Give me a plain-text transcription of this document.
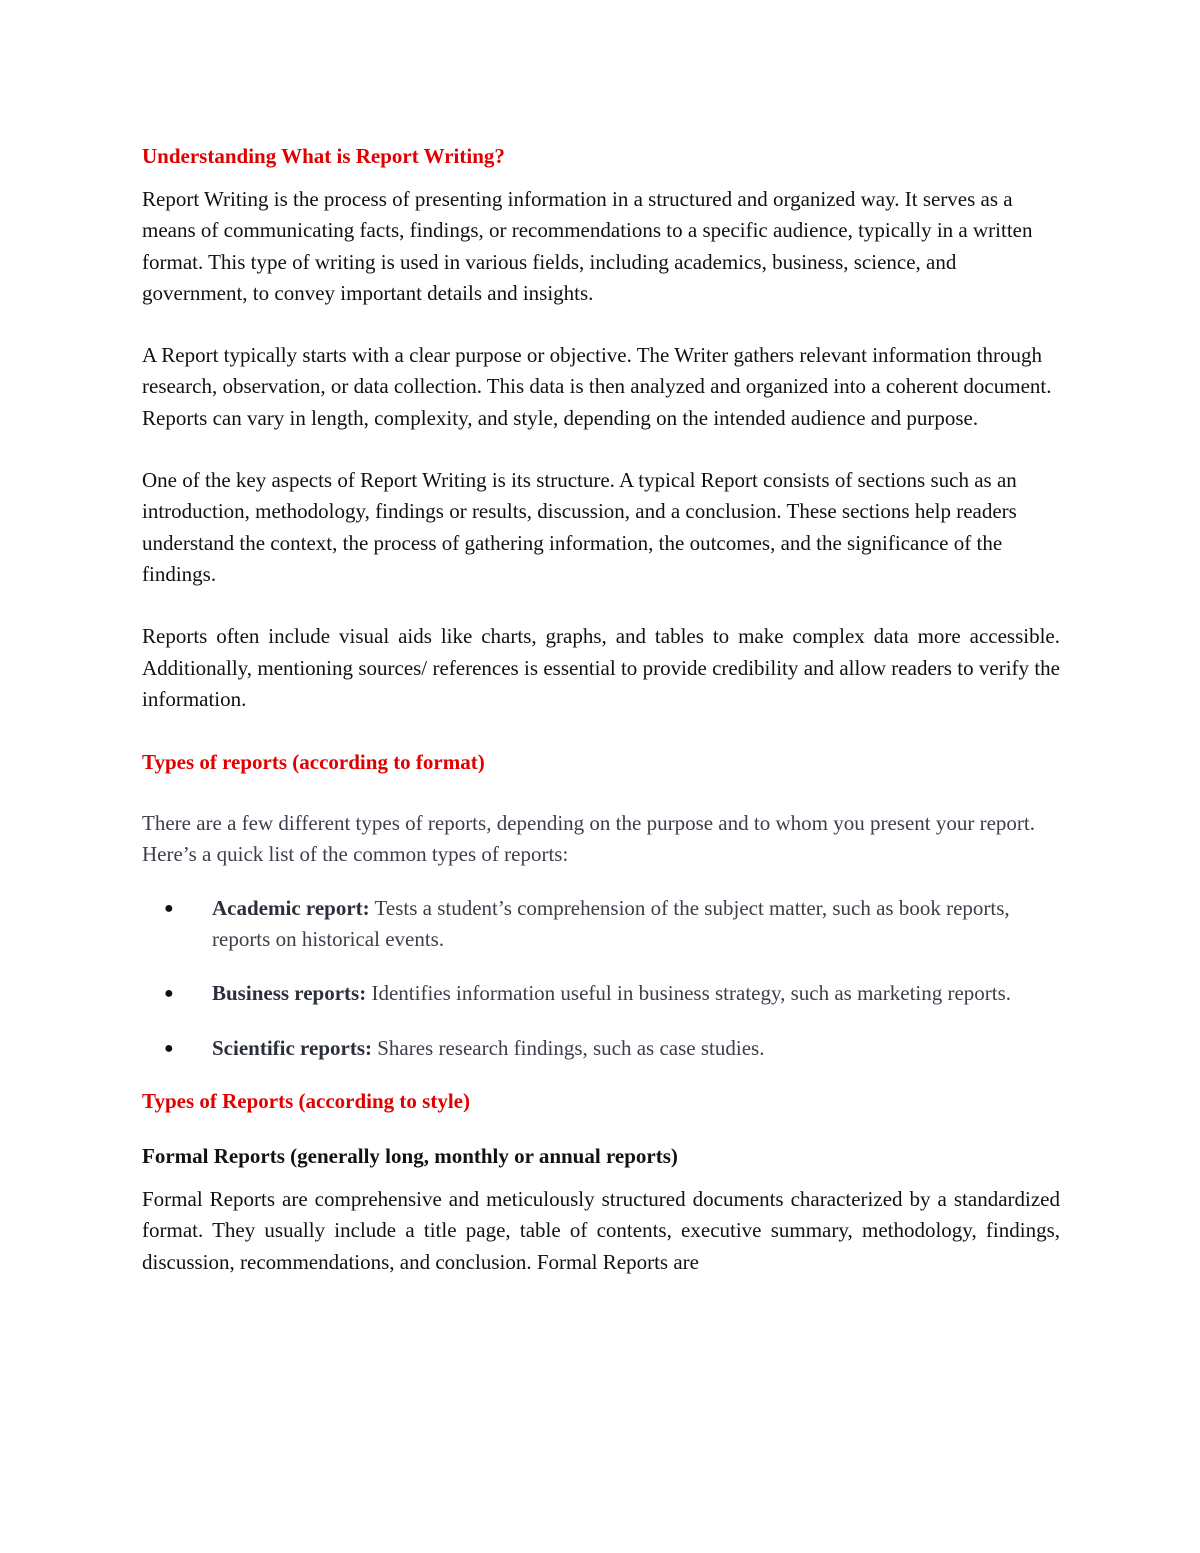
Understanding What is Report Writing?

Report Writing is the process of presenting information in a structured and organized way. It serves as a means of communicating facts, findings, or recommendations to a specific audience, typically in a written format. This type of writing is used in various fields, including academics, business, science, and government, to convey important details and insights.

A Report typically starts with a clear purpose or objective. The Writer gathers relevant information through research, observation, or data collection. This data is then analyzed and organized into a coherent document. Reports can vary in length, complexity, and style, depending on the intended audience and purpose.

One of the key aspects of Report Writing is its structure. A typical Report consists of sections such as an introduction, methodology, findings or results, discussion, and a conclusion. These sections help readers understand the context, the process of gathering information, the outcomes, and the significance of the findings.

Reports often include visual aids like charts, graphs, and tables to make complex data more accessible. Additionally, mentioning sources/ references is essential to provide credibility and allow readers to verify the information.

Types of reports (according to format)

There are a few different types of reports, depending on the purpose and to whom you present your report. Here’s a quick list of the common types of reports:

● Academic report: Tests a student’s comprehension of the subject matter, such as book reports, reports on historical events.
● Business reports: Identifies information useful in business strategy, such as marketing reports.
● Scientific reports: Shares research findings, such as case studies.
Types of Reports (according to style)
Formal Reports (generally long, monthly or annual reports)

Formal Reports are comprehensive and meticulously structured documents characterized by a standardized format. They usually include a title page, table of contents, executive summary, methodology, findings, discussion, recommendations, and conclusion. Formal Reports are
